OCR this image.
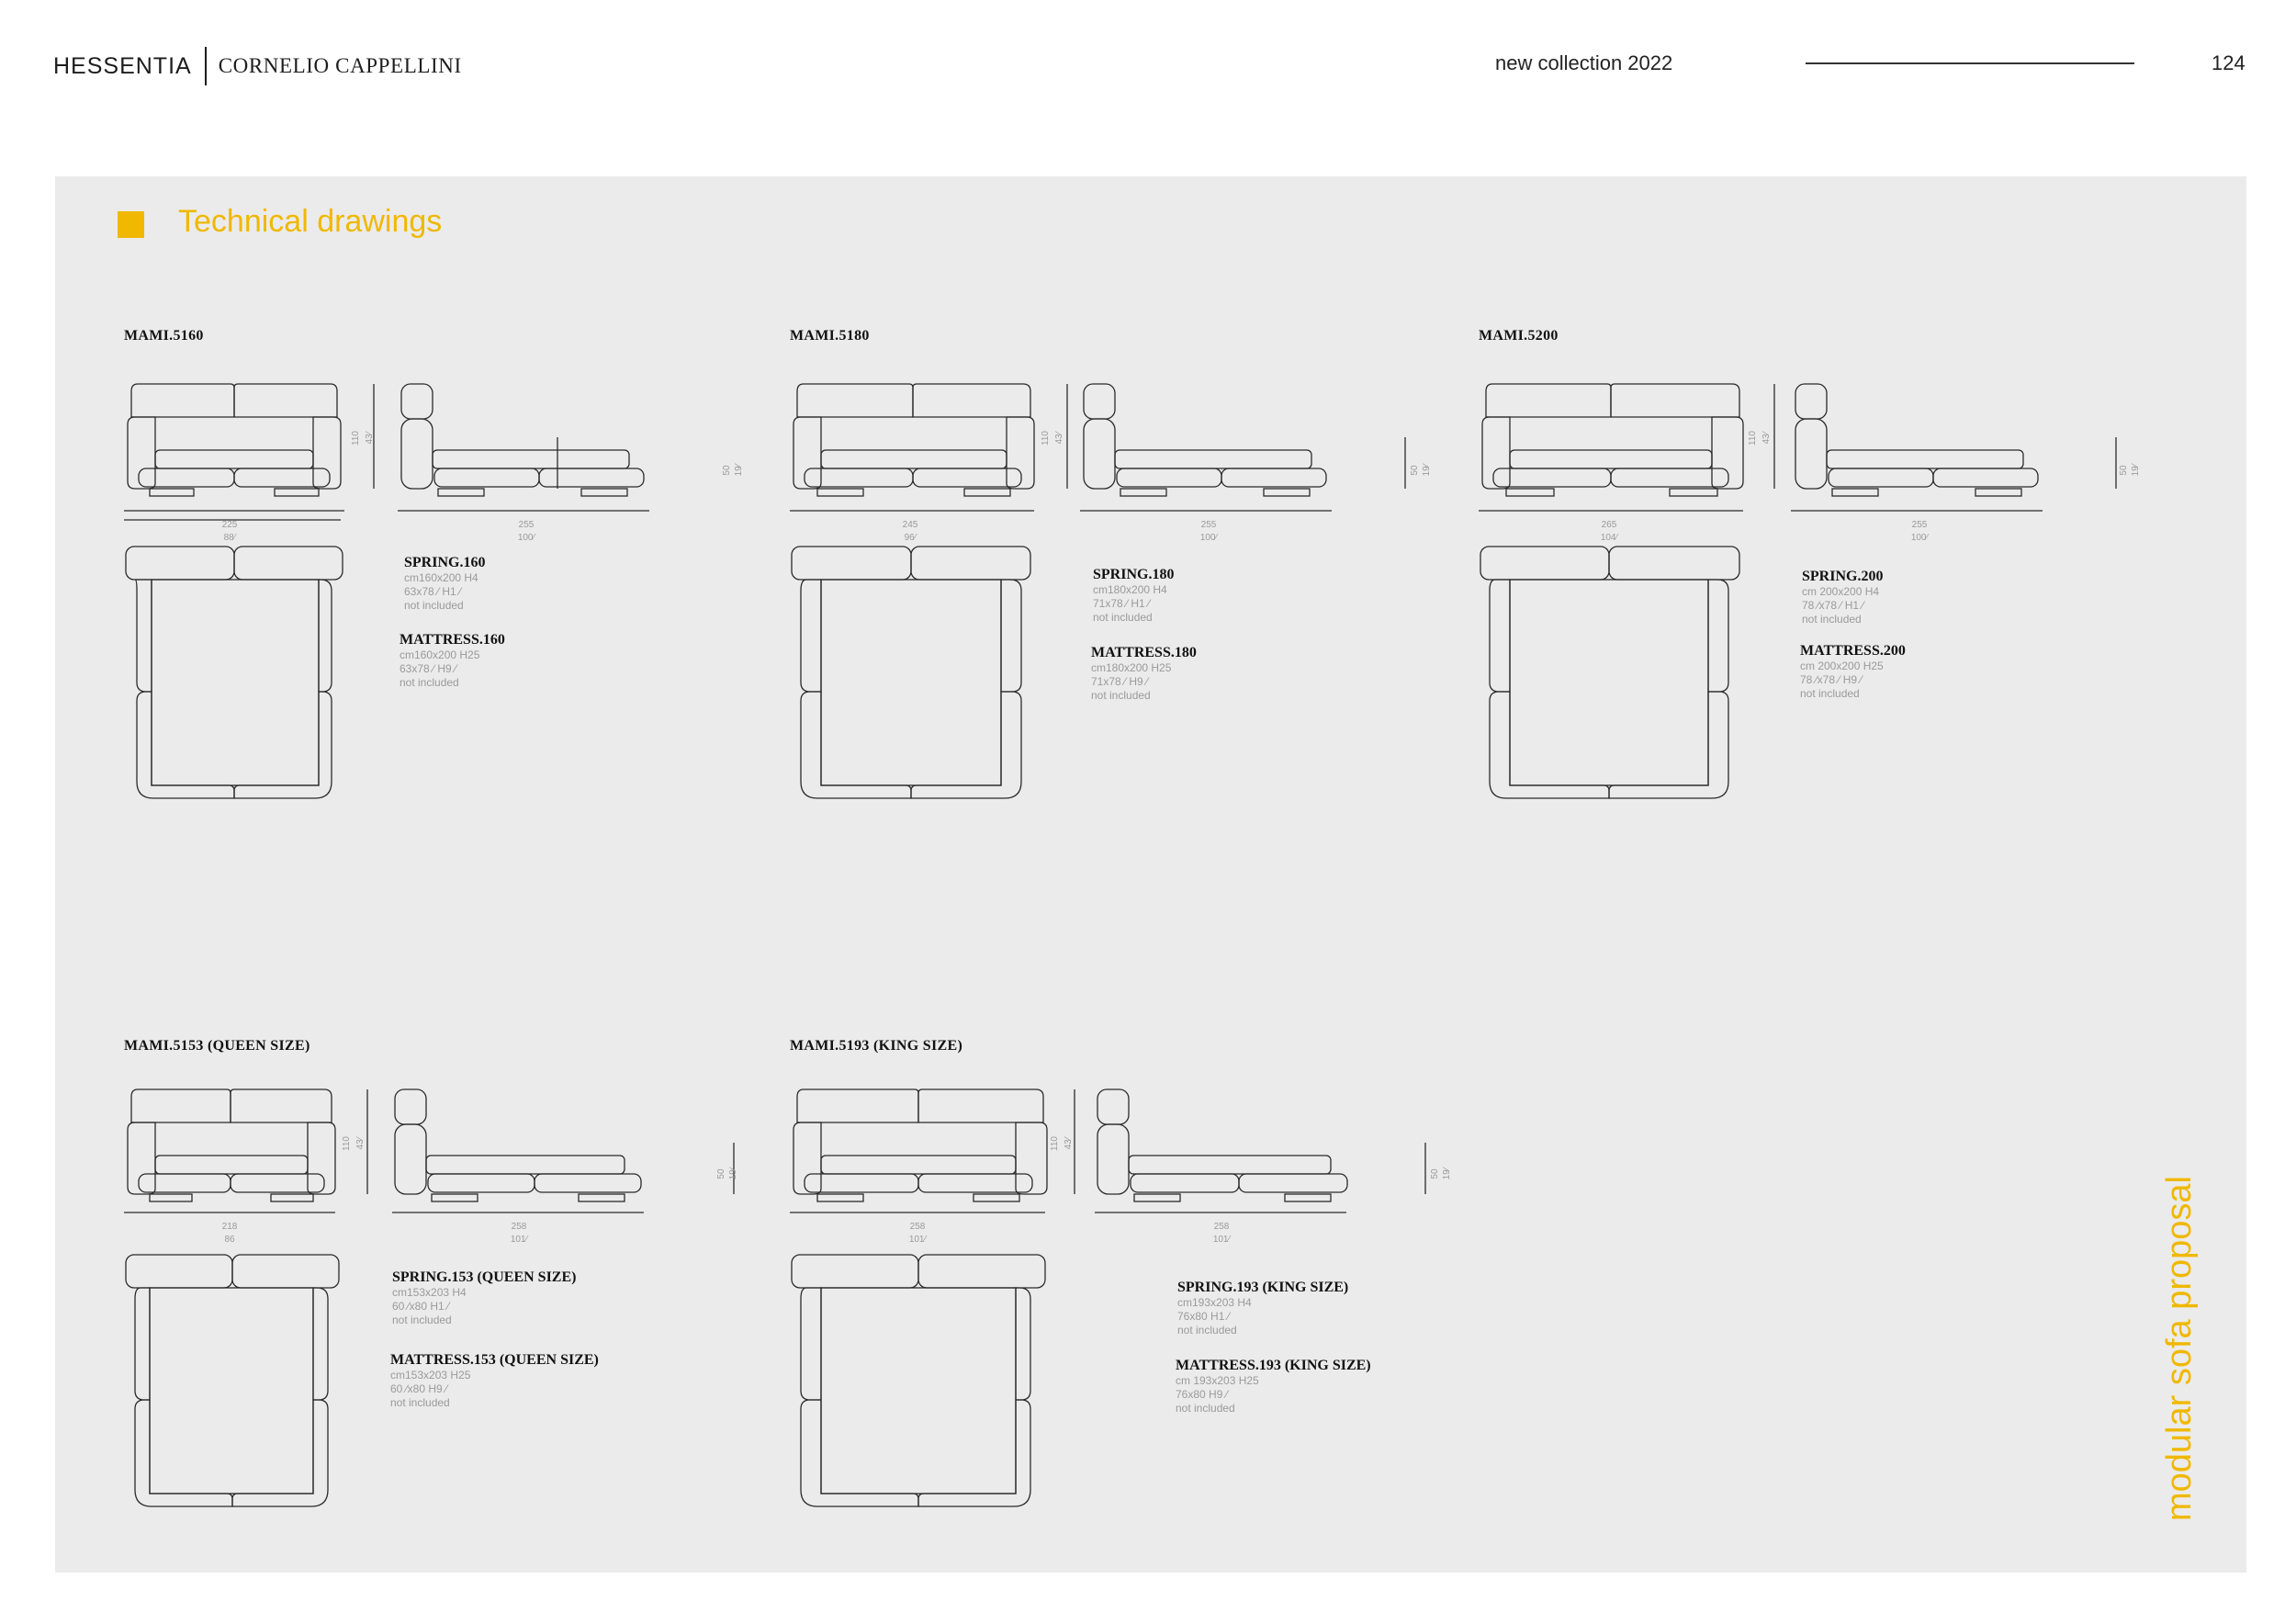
HESSENTIA CORNELIO CAPPELLINI	new collection 2022	124
Technical drawings
modular sofa proposal
MAMI.5160
225
88⁄
255
100⁄
110 43⁄
50 19⁄
SPRING.160
cm160x200 H4
63x78 ⁄ H1 ⁄
not included
MATTRESS.160
cm160x200 H25
63x78 ⁄ H9 ⁄
not included
MAMI.5180
245
96⁄
255
100⁄
110 43⁄
50 19⁄
SPRING.180
cm180x200 H4
71x78 ⁄ H1 ⁄
not included
MATTRESS.180
cm180x200 H25
71x78 ⁄ H9 ⁄
not included
MAMI.5200
265
104⁄
255
100⁄
110 43⁄
50 19⁄
SPRING.200
cm 200x200 H4
78 ⁄x78 ⁄ H1 ⁄
not included
MATTRESS.200
cm 200x200 H25
78 ⁄x78 ⁄ H9 ⁄
not included
MAMI.5153 (QUEEN SIZE)
218
86
258
101⁄
110 43⁄
50 19⁄
SPRING.153 (QUEEN SIZE)
cm153x203 H4
60 ⁄x80 H1 ⁄
not included
MATTRESS.153 (QUEEN SIZE)
cm153x203 H25
60 ⁄x80 H9 ⁄
not included
MAMI.5193 (KING SIZE)
258
101⁄
258
101⁄
110 43⁄
50 19⁄
SPRING.193 (KING SIZE)
cm193x203 H4
76x80 H1 ⁄
not included
MATTRESS.193 (KING SIZE)
cm 193x203 H25
76x80 H9 ⁄
not included
